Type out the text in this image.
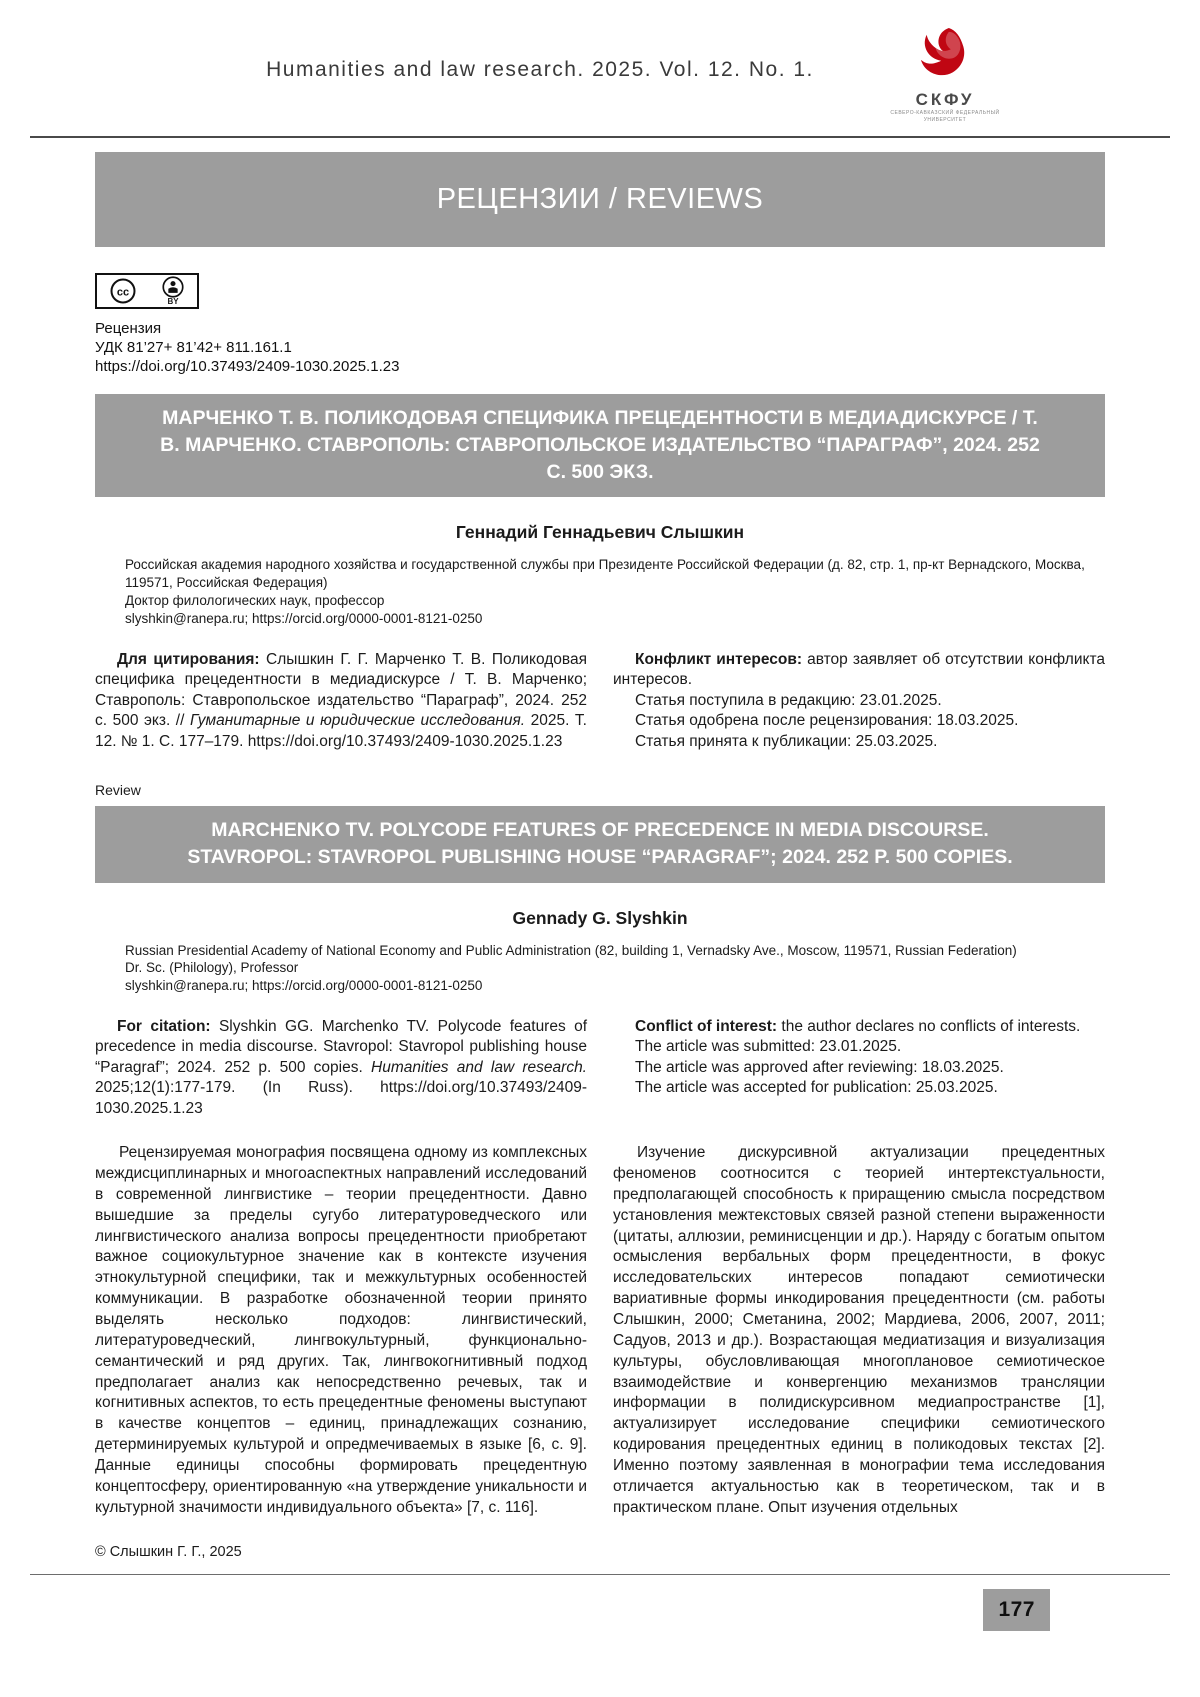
Humanities and law research. 2025. Vol. 12. No. 1.
СКФУ
СЕВЕРО-КАВКАЗСКИЙ ФЕДЕРАЛЬНЫЙ УНИВЕРСИТЕТ
РЕЦЕНЗИИ / REVIEWS
cc
BY
Рецензия
УДК 81’27+ 81’42+ 811.161.1
https://doi.org/10.37493/2409-1030.2025.1.23
МАРЧЕНКО Т. В. ПОЛИКОДОВАЯ СПЕЦИФИКА ПРЕЦЕДЕНТНОСТИ В МЕДИАДИСКУРСЕ / Т. В. МАРЧЕНКО. СТАВРОПОЛЬ: СТАВРОПОЛЬСКОЕ ИЗДАТЕЛЬСТВО “ПАРАГРАФ”, 2024. 252 С. 500 ЭКЗ.
Геннадий Геннадьевич Слышкин
Российская академия народного хозяйства и государственной службы при Президенте Российской Федерации (д. 82, стр. 1, пр-кт Вернадского, Москва, 119571, Российская Федерация)
Доктор филологических наук, профессор
slyshkin@ranepa.ru; https://orcid.org/0000-0001-8121-0250

Для цитирования: Слышкин Г. Г. Марченко Т. В. Поликодовая специфика прецедентности в медиадискурсе / Т. В. Марченко; Ставрополь: Ставропольское издательство “Параграф”, 2024. 252 с. 500 экз. // Гуманитарные и юридические исследования. 2025. Т. 12. № 1. С. 177–179. https://doi.org/10.37493/2409-1030.2025.1.23

Конфликт интересов: автор заявляет об отсутствии конфликта интересов.

Статья поступила в редакцию: 23.01.2025.

Статья одобрена после рецензирования: 18.03.2025.

Статья принята к публикации: 25.03.2025.

Review
MARCHENKO TV. POLYCODE FEATURES OF PRECEDENCE IN MEDIA DISCOURSE. STAVROPOL: STAVROPOL PUBLISHING HOUSE “PARAGRAF”; 2024. 252 P. 500 COPIES.
Gennady G. Slyshkin
Russian Presidential Academy of National Economy and Public Administration (82, building 1, Vernadsky Ave., Moscow, 119571, Russian Federation)
Dr. Sc. (Philology), Professor
slyshkin@ranepa.ru; https://orcid.org/0000-0001-8121-0250

For citation: Slyshkin GG. Marchenko TV. Polycode features of precedence in media discourse. Stavropol: Stavropol publishing house “Paragraf”; 2024. 252 p. 500 copies. Humanities and law research. 2025;12(1):177-179. (In Russ). https://doi.org/10.37493/2409-1030.2025.1.23

Conflict of interest: the author declares no conflicts of interests.

The article was submitted: 23.01.2025.

The article was approved after reviewing: 18.03.2025.

The article was accepted for publication: 25.03.2025.

Рецензируемая монография посвящена одному из комплексных междисциплинарных и многоаспектных направлений исследований в современной лингвистике – теории прецедентности. Давно вышедшие за пределы сугубо литературоведческого или лингвистического анализа вопросы прецедентности приобретают важное социокультурное значение как в контексте изучения этнокультурной специфики, так и межкультурных особенностей коммуникации. В разработке обозначенной теории принято выделять несколько подходов: лингвистический, литературоведческий, лингвокультурный, функционально-семантический и ряд других. Так, лингвокогнитивный подход предполагает анализ как непосредственно речевых, так и когнитивных аспектов, то есть прецедентные феномены выступают в качестве концептов – единиц, принадлежащих сознанию, детерминируемых культурой и опредмечиваемых в языке [6, с. 9]. Данные единицы способны формировать прецедентную концептосферу, ориентированную «на утверждение уникальности и культурной значимости индивидуального объекта» [7, с. 116].

Изучение дискурсивной актуализации прецедентных феноменов соотносится с теорией интертекстуальности, предполагающей способность к приращению смысла посредством установления межтекстовых связей разной степени выраженности (цитаты, аллюзии, реминисценции и др.). Наряду с богатым опытом осмысления вербальных форм прецедентности, в фокус исследовательских интересов попадают семиотически вариативные формы инкодирования прецедентности (см. работы Слышкин, 2000; Сметанина, 2002; Мардиева, 2006, 2007, 2011; Садуов, 2013 и др.). Возрастающая медиатизация и визуализация культуры, обусловливающая многоплановое семиотическое взаимодействие и конвергенцию механизмов трансляции информации в полидискурсивном медиапространстве [1], актуализирует исследование специфики семиотического кодирования прецедентных единиц в поликодовых текстах [2]. Именно поэтому заявленная в монографии тема исследования отличается актуальностью как в теоретическом, так и в практическом плане. Опыт изучения отдельных

© Слышкин Г. Г., 2025
177
